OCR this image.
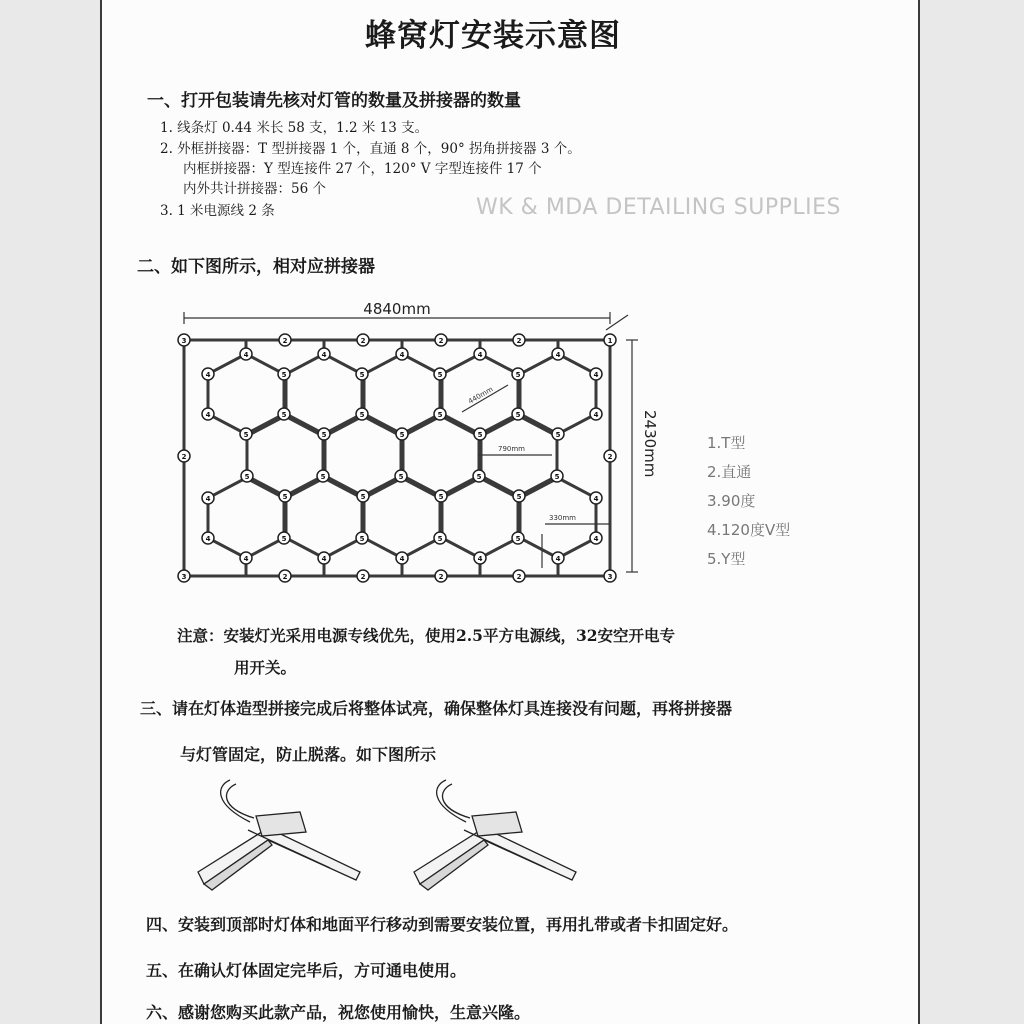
蜂窝灯安装示意图
一、打开包装请先核对灯管的数量及拼接器的数量
1. 线条灯 0.44 米长 58 支，1.2 米 13 支。
2. 外框拼接器：T 型拼接器 1 个，直通 8 个，90° 拐角拼接器 3 个。
内框拼接器：Y 型连接件 27 个，120° V 字型连接件 17 个
内外共计拼接器：56 个
3. 1 米电源线 2 条	WK & MDA DETAILING SUPPLIES
二、如下图所示，相对应拼接器
4
5
5
5
4
4
4
5
5
5
4
5
5
5
4
5
5
5
4
4
4
5
5
5
5	5
5
5
5
5
5
5
4
4
4
5
4
5
4
5
4
4
4
4
3	1
3	3
2
2
2
2
2
2
2
2
2	2
4840mm
2430mm
440mm
790mm
330mm
1.T型
2.直通
3.90度
4.120度V型
5.Y型
注意：安装灯光采用电源专线优先，使用2.5平方电源线，32安空开电专
用开关。
三、请在灯体造型拼接完成后将整体试亮，确保整体灯具连接没有问题，再将拼接器
与灯管固定，防止脱落。如下图所示
四、安装到顶部时灯体和地面平行移动到需要安装位置，再用扎带或者卡扣固定好。
五、在确认灯体固定完毕后，方可通电使用。
六、感谢您购买此款产品，祝您使用愉快，生意兴隆。
